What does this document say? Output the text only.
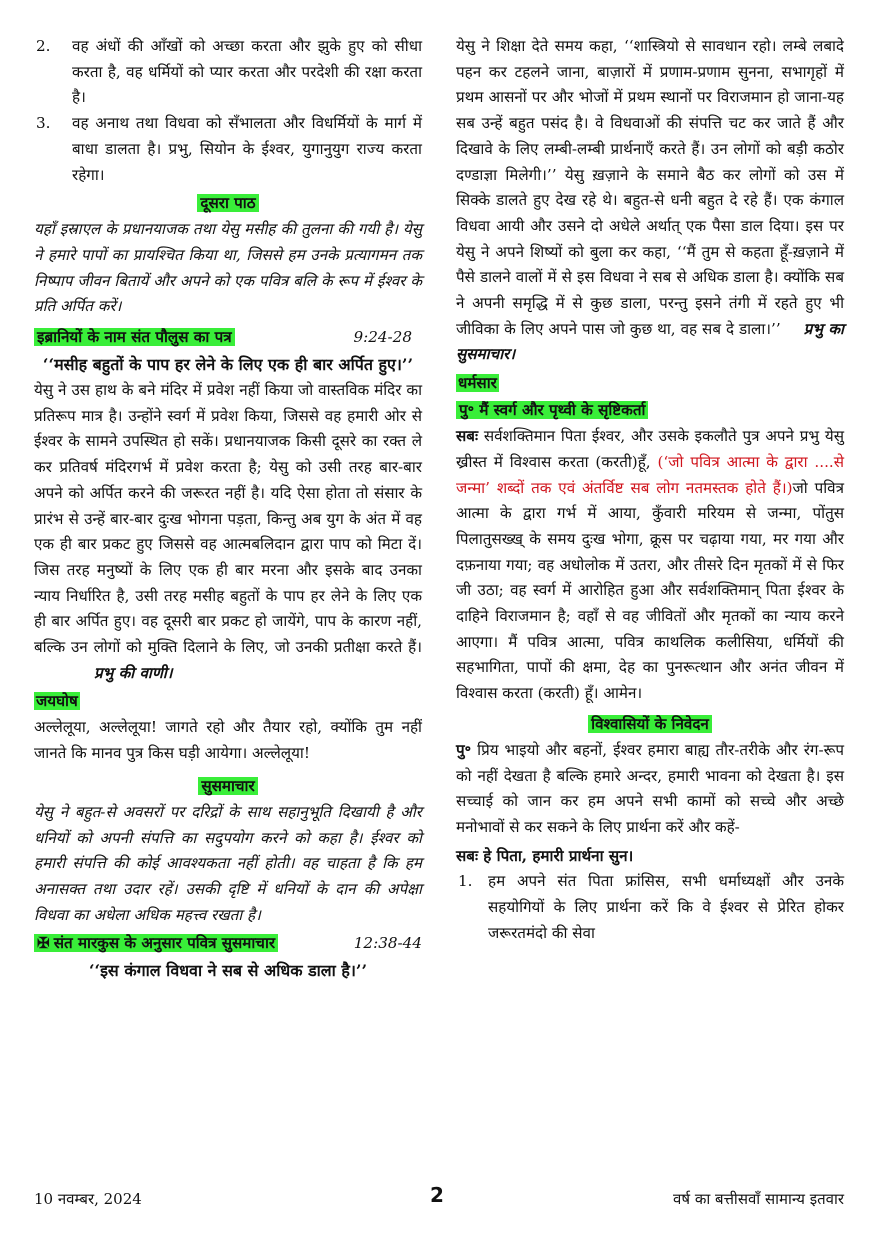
2.	वह अंधों की आँखों को अच्छा करता और झुके हुए को सीधा करता है, वह धर्मियों को प्यार करता और परदेशी की रक्षा करता है।
3.	वह अनाथ तथा विधवा को सँभालता और विधर्मियों के मार्ग में बाधा डालता है। प्रभु, सियोन के ईश्वर, युगानुयुग राज्य करता रहेगा।

दूसरा पाठ

यहाँ इस्राएल के प्रधानयाजक तथा येसु मसीह की तुलना की गयी है। येसु ने हमारे पापों का प्रायश्चित किया था, जिससे हम उनके प्रत्यागमन तक निष्पाप जीवन बितायें और अपने को एक पवित्र बलि के रूप में ईश्वर के प्रति अर्पित करें।

इब्रानियों के नाम संत पौलुस का पत्र	9:24-28

‘‘मसीह बहुतों के पाप हर लेने के लिए एक ही बार अर्पित हुए।’’

येसु ने उस हाथ के बने मंदिर में प्रवेश नहीं किया जो वास्तविक मंदिर का प्रतिरूप मात्र है। उन्होंने स्वर्ग में प्रवेश किया, जिससे वह हमारी ओर से ईश्वर के सामने उपस्थित हो सकें। प्रधानयाजक किसी दूसरे का रक्त ले कर प्रतिवर्ष मंदिरगर्भ में प्रवेश करता है; येसु को उसी तरह बार-बार अपने को अर्पित करने की जरूरत नहीं है। यदि ऐसा होता तो संसार के प्रारंभ से उन्हें बार-बार दुःख भोगना पड़ता, किन्तु अब युग के अंत में वह एक ही बार प्रकट हुए जिससे वह आत्मबलिदान द्वारा पाप को मिटा दें। जिस तरह मनुष्यों के लिए एक ही बार मरना और इसके बाद उनका न्याय निर्धारित है, उसी तरह मसीह बहुतों के पाप हर लेने के लिए एक ही बार अर्पित हुए। वह दूसरी बार प्रकट हो जायेंगे, पाप के कारण नहीं, बल्कि उन लोगों को मुक्ति दिलाने के लिए, जो उनकी प्रतीक्षा करते हैं। प्रभु की वाणी।

जयघोष

अल्लेलूया, अल्लेलूया! जागते रहो और तैयार रहो, क्योंकि तुम नहीं जानते कि मानव पुत्र किस घड़ी आयेगा। अल्लेलूया!

सुसमाचार

येसु ने बहुत-से अवसरों पर दरिद्रों के साथ सहानुभूति दिखायी है और धनियों को अपनी संपत्ति का सदुपयोग करने को कहा है। ईश्वर को हमारी संपत्ति की कोई आवश्यकता नहीं होती। वह चाहता है कि हम अनासक्त तथा उदार रहें। उसकी दृष्टि में धनियों के दान की अपेक्षा विधवा का अधेला अधिक महत्त्व रखता है।

✠ संत मारकुस के अनुसार पवित्र सुसमाचार	12:38-44

‘‘इस कंगाल विधवा ने सब से अधिक डाला है।’’

येसु ने शिक्षा देते समय कहा, ‘‘शास्त्रियो से सावधान रहो। लम्बे लबादे पहन कर टहलने जाना, बाज़ारों में प्रणाम-प्रणाम सुनना, सभागृहों में प्रथम आसनों पर और भोजों में प्रथम स्थानों पर विराजमान हो जाना-यह सब उन्हें बहुत पसंद है। वे विधवाओं की संपत्ति चट कर जाते हैं और दिखावे के लिए लम्बी-लम्बी प्रार्थनाएँ करते हैं। उन लोगों को बड़ी कठोर दण्डाज्ञा मिलेगी।’’ येसु ख़ज़ाने के समाने बैठ कर लोगों को उस में सिक्के डालते हुए देख रहे थे। बहुत-से धनी बहुत दे रहे हैं। एक कंगाल विधवा आयी और उसने दो अधेले अर्थात् एक पैसा डाल दिया। इस पर येसु ने अपने शिष्यों को बुला कर कहा, ‘‘मैं तुम से कहता हूँ-ख़ज़ाने में पैसे डालने वालों में से इस विधवा ने सब से अधिक डाला है। क्योंकि सब ने अपनी समृद्धि में से कुछ डाला, परन्तु इसने तंगी में रहते हुए भी जीविका के लिए अपने पास जो कुछ था, वह सब दे डाला।’’ प्रभु का सुसमाचार।

धर्मसार

पु॰ मैं स्वर्ग और पृथ्वी के सृष्टिकर्ता

सबः सर्वशक्तिमान पिता ईश्वर, और उसके इकलौते पुत्र अपने प्रभु येसु ख्रीस्त में विश्वास करता (करती)हूँ, (‘जो पवित्र आत्मा के द्वारा ....से जन्मा’ शब्दों तक एवं अंतर्विष्ट सब लोग नतमस्तक होते हैं।)जो पवित्र आत्मा के द्वारा गर्भ में आया, कुँवारी मरियम से जन्मा, पोंतुस पिलातुसख्ख् के समय दुःख भोगा, क्रूस पर चढ़ाया गया, मर गया और दफ़नाया गया; वह अधोलोक में उतरा, और तीसरे दिन मृतकों में से फिर जी उठा; वह स्वर्ग में आरोहित हुआ और सर्वशक्तिमान् पिता ईश्वर के दाहिने विराजमान है; वहाँ से वह जीवितों और मृतकों का न्याय करने आएगा। मैं पवित्र आत्मा, पवित्र काथलिक कलीसिया, धर्मियों की सहभागिता, पापों की क्षमा, देह का पुनरूत्थान और अनंत जीवन में विश्वास करता (करती) हूँ। आमेन।

विश्वासियों के निवेदन

पु॰ प्रिय भाइयो और बहनों, ईश्वर हमारा बाह्य तौर-तरीके और रंग-रूप को नहीं देखता है बल्कि हमारे अन्दर, हमारी भावना को देखता है। इस सच्चाई को जान कर हम अपने सभी कामों को सच्चे और अच्छे मनोभावों से कर सकने के लिए प्रार्थना करें और कहें-

सबः हे पिता, हमारी प्रार्थना सुन।

1.	हम अपने संत पिता फ्रांसिस, सभी धर्माध्यक्षों और उनके सहयोगियों के लिए प्रार्थना करें कि वे ईश्वर से प्रेरित होकर जरूरतमंदो की सेवा
10 नवम्बर, 2024	2	वर्ष का बत्तीसवाँ सामान्य इतवार
